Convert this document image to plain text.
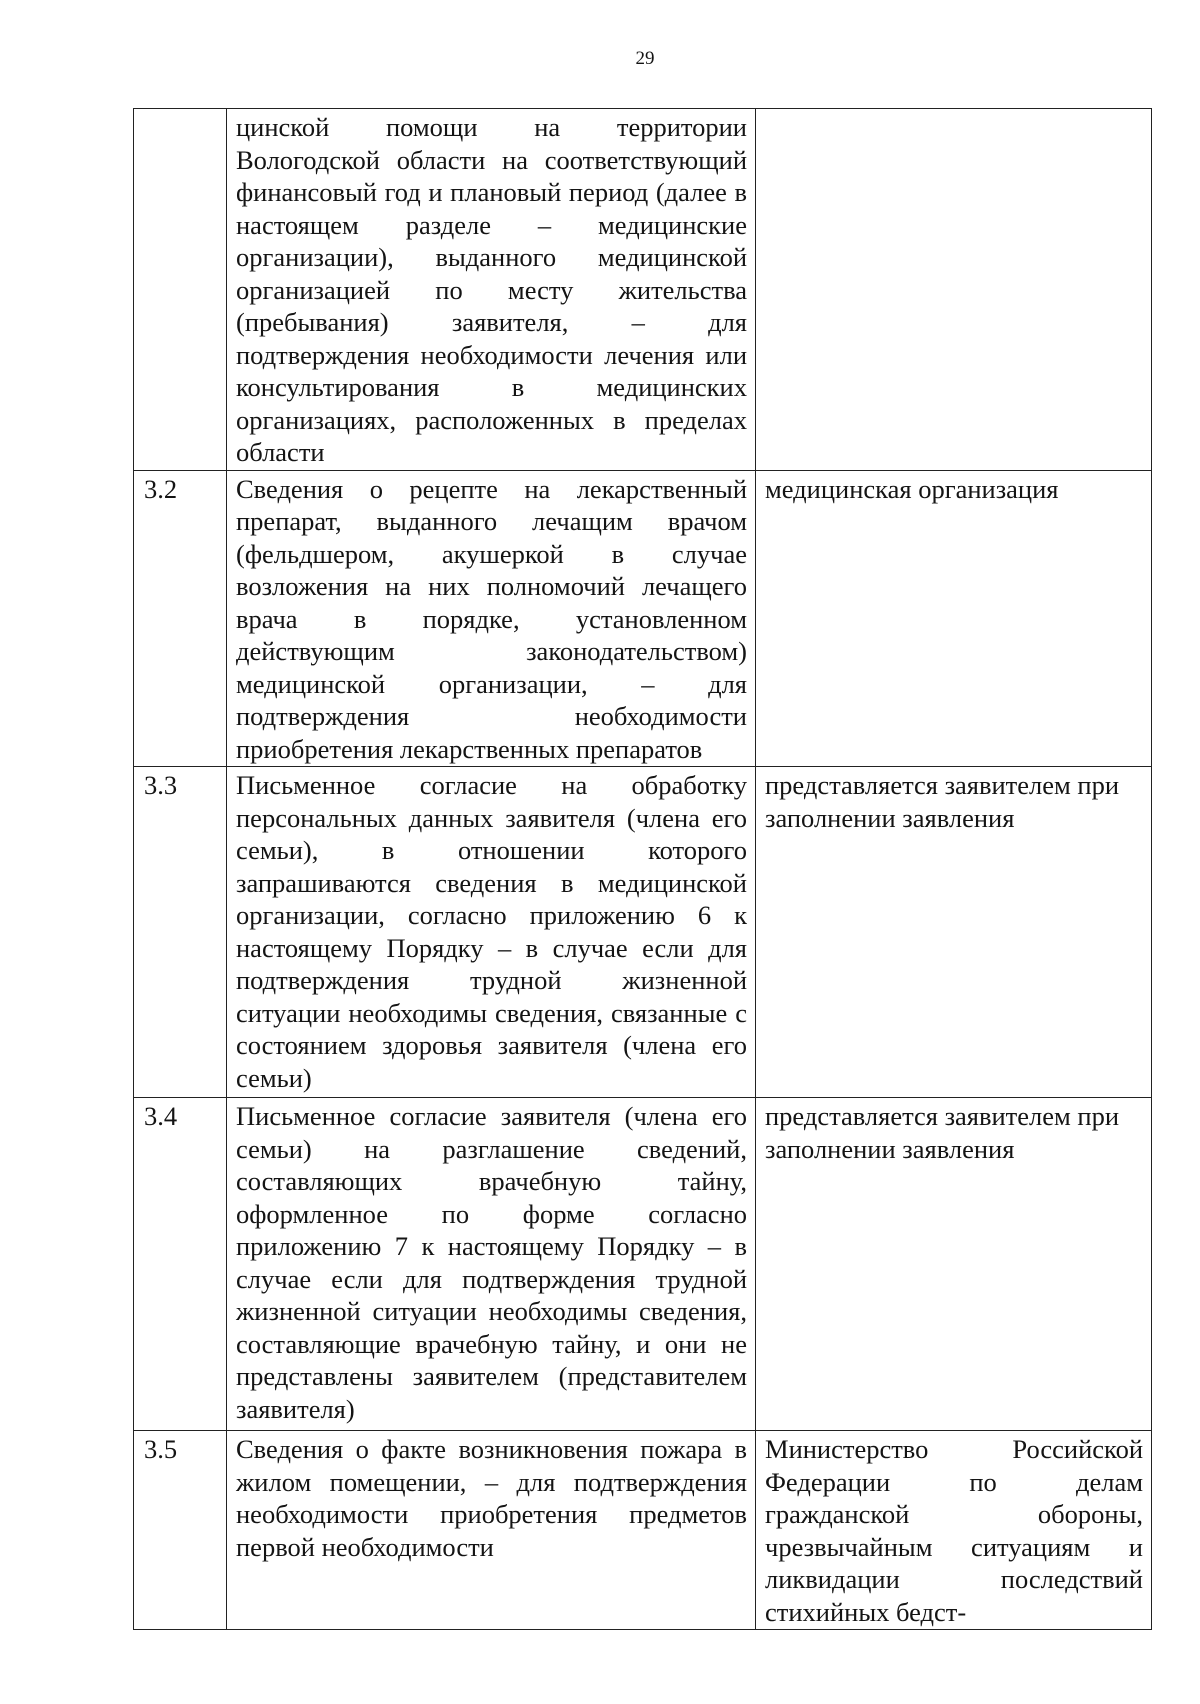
29
	цинской помощи на территории Вологодской области на соответствующий финансовый год и плановый период (далее в настоящем разделе – медицинские организации), выданного медицинской организацией по месту жительства (пребывания) заявителя, – для подтверждения необходимости лечения или консультирования в медицинских организациях, расположенных в пределах области	
3.2	Сведения о рецепте на лекарственный препарат, выданного лечащим врачом (фельдшером, акушеркой в случае возложения на них полномочий лечащего врача в порядке, установленном действующим законодательством) медицинской организации, – для подтверждения необходимости приобретения лекарственных препаратов	медицинская организация
3.3	Письменное согласие на обработку персональных данных заявителя (члена его семьи), в отношении которого запрашиваются сведения в медицинской организации, согласно приложению 6 к настоящему Порядку – в случае если для подтверждения трудной жизненной ситуации необходимы сведения, связанные с состоянием здоровья заявителя (члена его семьи)	представляется заявителем при заполнении заявления
3.4	Письменное согласие заявителя (члена его семьи) на разглашение сведений, составляющих врачебную тайну, оформленное по форме согласно приложению 7 к настоящему Порядку – в случае если для подтверждения трудной жизненной ситуации необходимы сведения, составляющие врачебную тайну, и они не представлены заявителем (представителем заявителя)	представляется заявителем при заполнении заявления
3.5	Сведения о факте возникновения пожара в жилом помещении, – для подтверждения необходимости приобретения предметов первой необходимости	Министерство Российской Федерации по делам гражданской обороны, чрезвычайным ситуациям и ликвидации последствий стихийных бедст-
